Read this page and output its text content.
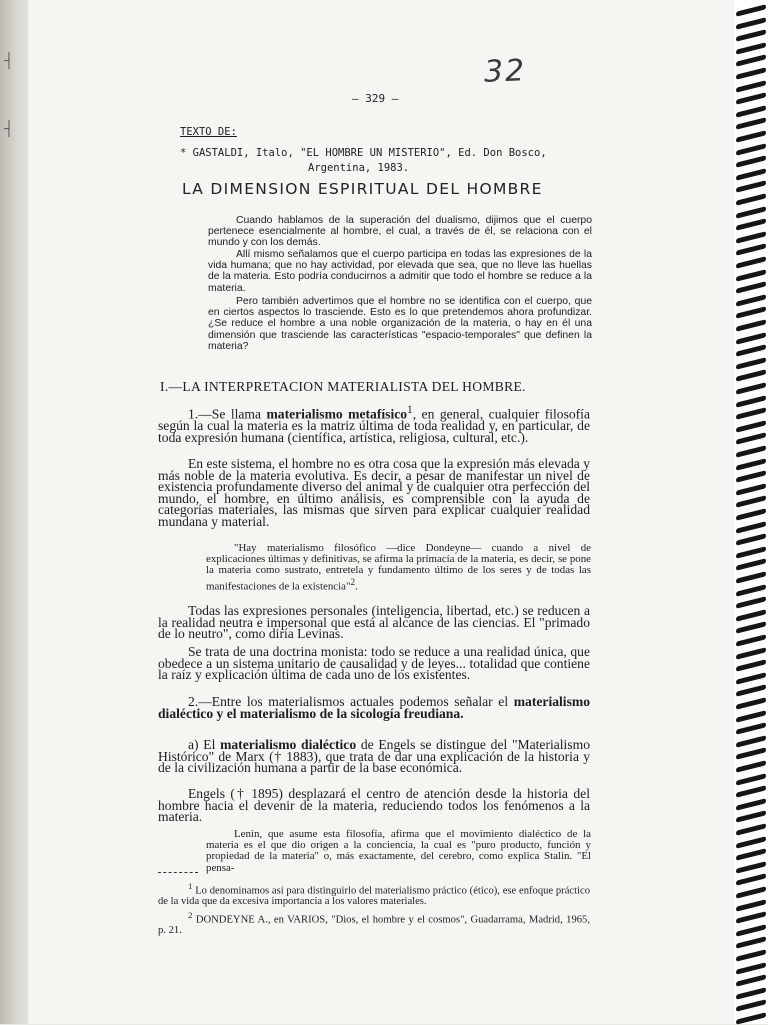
┤
┤
32
– 329 –
TEXTO DE:
* GASTALDI, Italo, "EL HOMBRE UN MISTERIO", Ed. Don Bosco,
Argentina, 1983.
LA DIMENSION ESPIRITUAL DEL HOMBRE

Cuando hablamos de la superación del dualismo, dijimos que el cuerpo pertenece esencialmente al hombre, el cual, a través de él, se relaciona con el mundo y con los demás.

Allí mismo señalamos que el cuerpo participa en todas las expresiones de la vida humana; que no hay actividad, por elevada que sea, que no lleve las huellas de la materia. Esto podría conducirnos a admitir que todo el hombre se reduce a la materia.

Pero también advertimos que el hombre no se identifica con el cuerpo, que en ciertos aspectos lo trasciende. Esto es lo que pretendemos ahora profundizar. ¿Se reduce el hombre a una noble organización de la materia, o hay en él una dimensión que trasciende las características "espacio-temporales" que definen la materia?

I.—LA INTERPRETACION MATERIALISTA DEL HOMBRE.

1.—Se llama materialismo metafísico$^1$, en general, cualquier filosofía según la cual la materia es la matriz última de toda realidad y, en particular, de toda expresión humana (científica, artística, religiosa, cultural, etc.).

En este sistema, el hombre no es otra cosa que la expresión más elevada y más noble de la materia evolutiva. Es decir, a pesar de manifestar un nivel de existencia profundamente diverso del animal y de cualquier otra perfección del mundo, el hombre, en último análisis, es comprensible con la ayuda de categorías materiales, las mismas que sirven para explicar cualquier realidad mundana y material.

"Hay materialismo filosófico —dice Dondeyne— cuando a nivel de explicaciones últimas y definitivas, se afirma la primacía de la materia, es decir, se pone la materia como sustrato, entretela y fundamento último de los seres y de todas las manifestaciones de la existencia"$^2$.

Todas las expresiones personales (inteligencia, libertad, etc.) se reducen a la realidad neutra e impersonal que está al alcance de las ciencias. El "primado de lo neutro", como diría Levinas.

Se trata de una doctrina monista: todo se reduce a una realidad única, que obedece a un sistema unitario de causalidad y de leyes... totalidad que contiene la raíz y explicación última de cada uno de los existentes.

2.—Entre los materialismos actuales podemos señalar el materialismo dialéctico y el materialismo de la sicología freudiana.

a) El materialismo dialéctico de Engels se distingue del "Materialismo Histórico" de Marx († 1883), que trata de dar una explicación de la historia y de la civilización humana a partir de la base económica.

Engels († 1895) desplazará el centro de atención desde la historia del hombre hacia el devenir de la materia, reduciendo todos los fenómenos a la materia.

Lenin, que asume esta filosofía, afirma que el movimiento dialéctico de la materia es el que dio origen a la conciencia, la cual es "puro producto, función y propiedad de la materia" o, más exactamente, del cerebro, como explica Stalin. "El pensa-

$^1$ Lo denominamos así para distinguirlo del materialismo práctico (ético), ese enfoque práctico de la vida que da excesiva importancia a los valores materiales.

$^2$ DONDEYNE A., en VARIOS, "Dios, el hombre y el cosmos", Guadarrama, Madrid, 1965, p. 21.
